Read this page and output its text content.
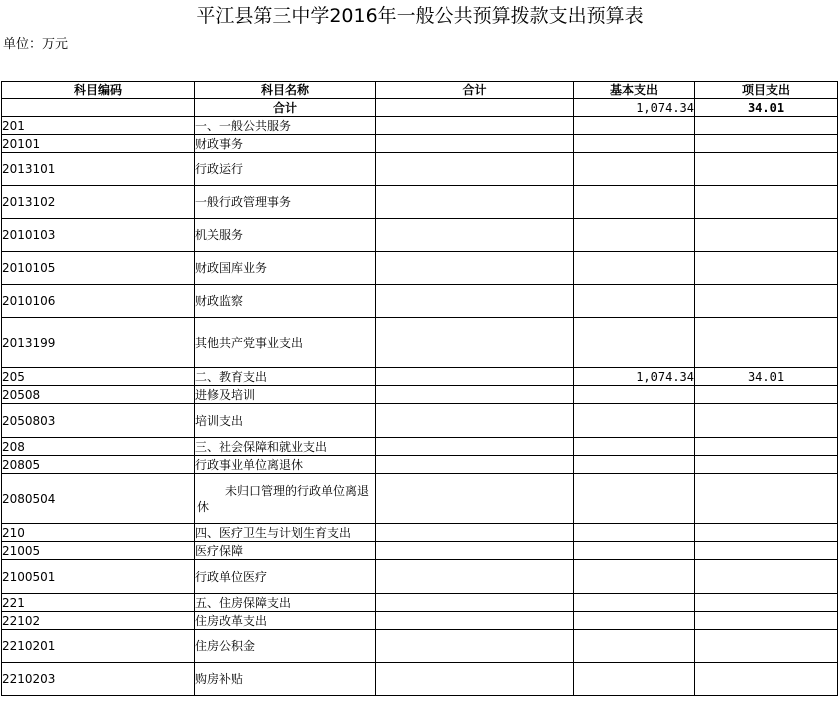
平江县第三中学2016年一般公共预算拨款支出预算表
单位：万元
科目编码	科目名称	合计	基本支出	项目支出
	合计		1,074.34	34.01
201	一、一般公共服务			
20101	财政事务			
2013101	行政运行			
2013102	一般行政管理事务			
2010103	机关服务			
2010105	财政国库业务			
2010106	财政监察			
2013199	其他共产党事业支出			
205	二、教育支出		1,074.34	34.01
20508	进修及培训			
2050803	培训支出			
208	三、社会保障和就业支出			
20805	行政事业单位离退休			
2080504	未归口管理的行政单位离退休			
210	四、医疗卫生与计划生育支出			
21005	医疗保障			
2100501	行政单位医疗			
221	五、住房保障支出			
22102	住房改革支出			
2210201	住房公积金			
2210203	购房补贴			
